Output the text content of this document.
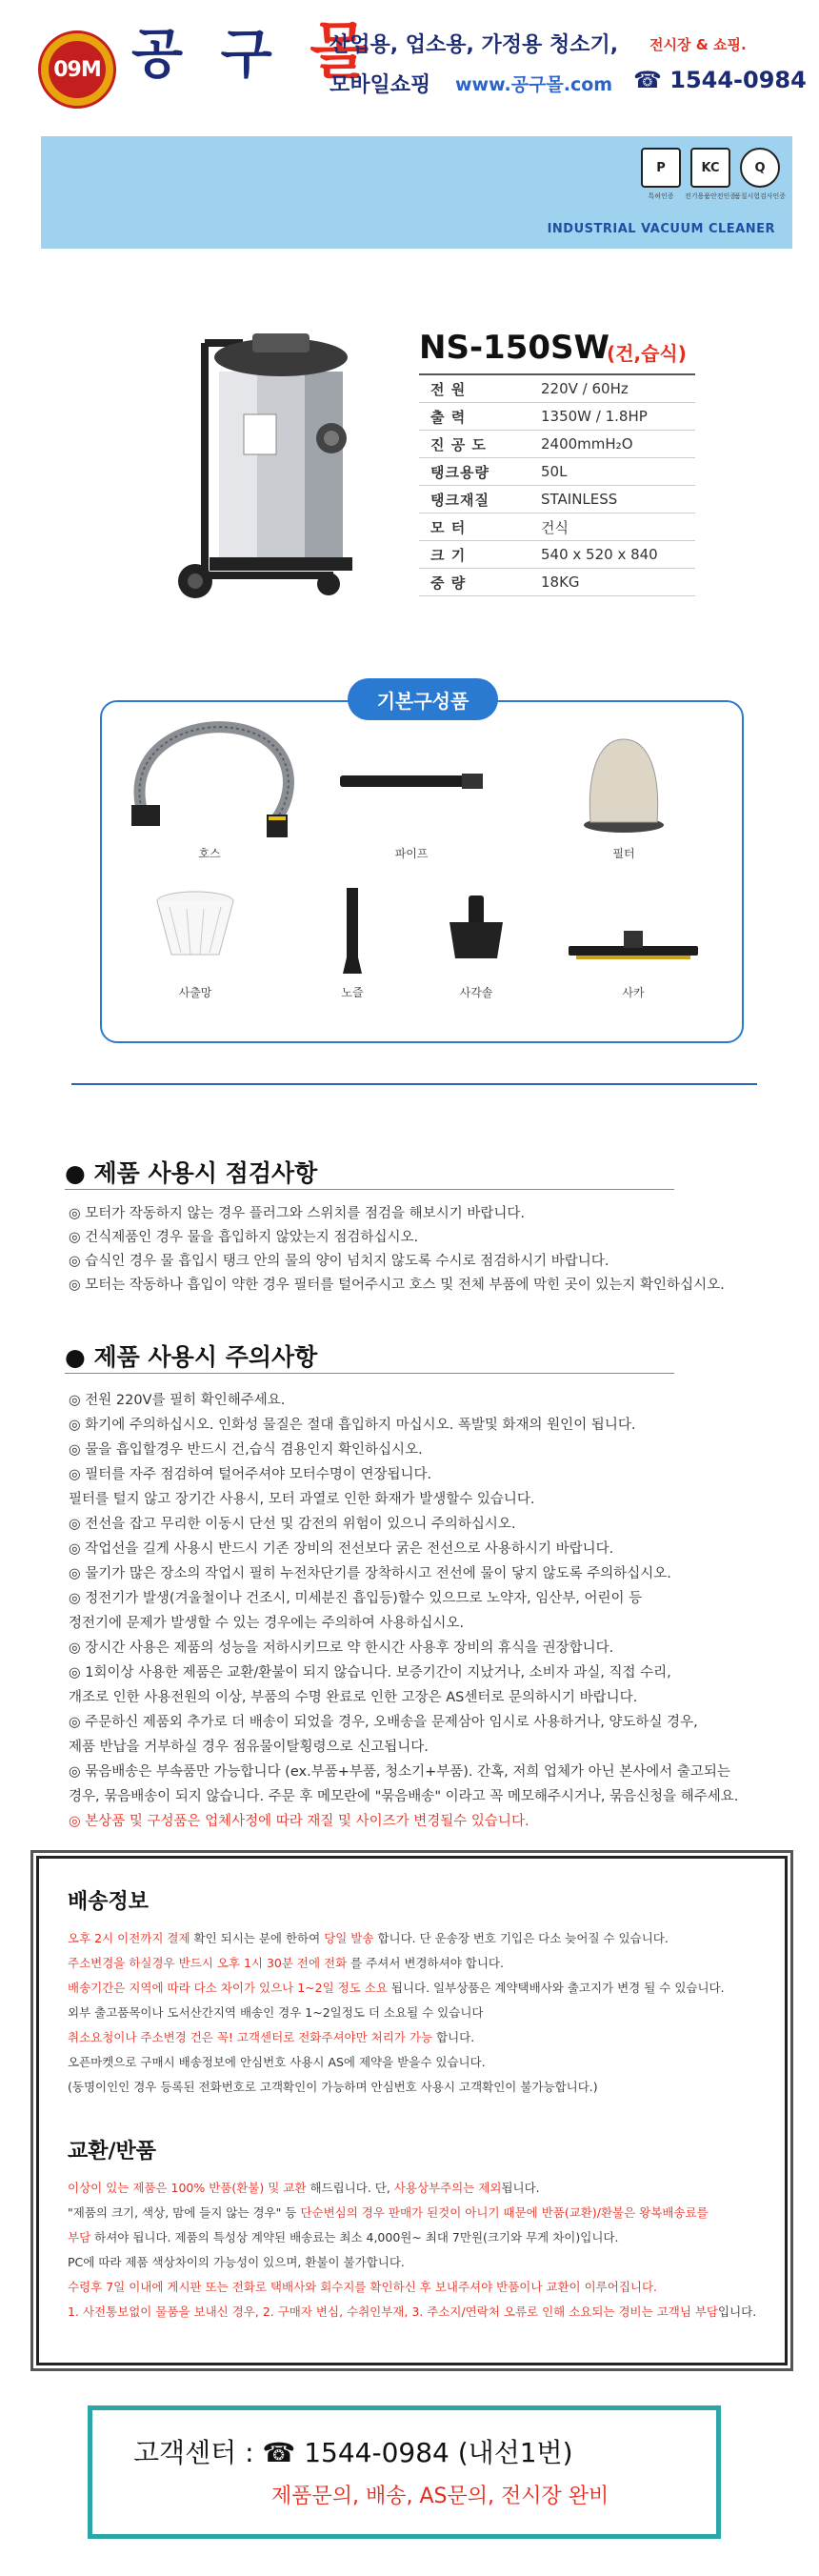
09M 공 구 몰
산업용, 업소용, 가정용 청소기, 전시장 & 쇼핑.
모바일쇼핑 www.공구몰.com ☎ 1544-0984
P
특허인증
KC
전기용품안전인증
Q
품질시험검사인증
INDUSTRIAL VACUUM CLEANER
NS-150SW
(건,습식)
전 원	220V / 60Hz
출 력	1350W / 1.8HP
진 공 도	2400mmH₂O
탱크용량	50L
탱크재질	STAINLESS
모 터	건식
크 기	540 x 520 x 840
중 량	18KG
기본구성품
호스	파이프	필터
사출망	노즐	사각솔	사카
● 제품 사용시 점검사항
◎ 모터가 작동하지 않는 경우 플러그와 스위치를 점검을 해보시기 바랍니다.
◎ 건식제품인 경우 물을 흡입하지 않았는지 점검하십시오.
◎ 습식인 경우 물 흡입시 탱크 안의 물의 양이 넘치지 않도록 수시로 점검하시기 바랍니다.
◎ 모터는 작동하나 흡입이 약한 경우 필터를 털어주시고 호스 및 전체 부품에 막힌 곳이 있는지 확인하십시오.
● 제품 사용시 주의사항
◎ 전원 220V를 필히 확인해주세요.
◎ 화기에 주의하십시오. 인화성 물질은 절대 흡입하지 마십시오. 폭발및 화재의 원인이 됩니다.
◎ 물을 흡입할경우 반드시 건,습식 겸용인지 확인하십시오.
◎ 필터를 자주 점검하여 털어주셔야 모터수명이 연장됩니다.
필터를 털지 않고 장기간 사용시, 모터 과열로 인한 화재가 발생할수 있습니다.
◎ 전선을 잡고 무리한 이동시 단선 및 감전의 위험이 있으니 주의하십시오.
◎ 작업선을 길게 사용시 반드시 기존 장비의 전선보다 굵은 전선으로 사용하시기 바랍니다.
◎ 물기가 많은 장소의 작업시 필히 누전차단기를 장착하시고 전선에 물이 닿지 않도록 주의하십시오.
◎ 정전기가 발생(겨울철이나 건조시, 미세분진 흡입등)할수 있으므로 노약자, 임산부, 어린이 등
정전기에 문제가 발생할 수 있는 경우에는 주의하여 사용하십시오.
◎ 장시간 사용은 제품의 성능을 저하시키므로 약 한시간 사용후 장비의 휴식을 권장합니다.
◎ 1회이상 사용한 제품은 교환/환불이 되지 않습니다. 보증기간이 지났거나, 소비자 과실, 직접 수리,
개조로 인한 사용전원의 이상, 부품의 수명 완료로 인한 고장은 AS센터로 문의하시기 바랍니다.
◎ 주문하신 제품외 추가로 더 배송이 되었을 경우, 오배송을 문제삼아 임시로 사용하거나, 양도하실 경우,
제품 반납을 거부하실 경우 점유물이탈횡령으로 신고됩니다.
◎ 묶음배송은 부속품만 가능합니다 (ex.부품+부품, 청소기+부품). 간혹, 저희 업체가 아닌 본사에서 출고되는
경우, 묶음배송이 되지 않습니다. 주문 후 메모란에 "묶음배송" 이라고 꼭 메모해주시거나, 묶음신청을 해주세요.
◎ 본상품 및 구성품은 업체사정에 따라 재질 및 사이즈가 변경될수 있습니다.
배송정보
오후 2시 이전까지 결제 확인 되시는 분에 한하여 당일 발송 합니다. 단 운송장 번호 기입은 다소 늦어질 수 있습니다.
주소변경을 하실경우 반드시 오후 1시 30분 전에 전화 를 주셔서 변경하셔야 합니다.
배송기간은 지역에 따라 다소 차이가 있으나 1~2일 정도 소요 됩니다. 일부상품은 계약택배사와 출고지가 변경 될 수 있습니다.
외부 출고품목이나 도서산간지역 배송인 경우 1~2일정도 더 소요될 수 있습니다
취소요청이나 주소변경 건은 꼭! 고객센터로 전화주셔야만 처리가 가능 합니다.
오픈마켓으로 구매시 배송정보에 안심번호 사용시 AS에 제약을 받을수 있습니다.
(동명이인인 경우 등록된 전화번호로 고객확인이 가능하며 안심번호 사용시 고객확인이 불가능합니다.)
교환/반품
이상이 있는 제품은 100% 반품(환불) 및 교환 해드립니다. 단, 사용상부주의는 제외됩니다.
"제품의 크기, 색상, 맘에 들지 않는 경우" 등 단순변심의 경우 판매가 된것이 아니기 때문에 반품(교환)/환불은 왕복배송료를
부담 하셔야 됩니다. 제품의 특성상 계약된 배송료는 최소 4,000원~ 최대 7만원(크기와 무게 차이)입니다.
PC에 따라 제품 색상차이의 가능성이 있으며, 환불이 불가합니다.
수령후 7일 이내에 게시판 또는 전화로 택배사와 회수지를 확인하신 후 보내주셔야 반품이나 교환이 이루어집니다.
1. 사전통보없이 물품을 보내신 경우, 2. 구매자 변심, 수취인부재, 3. 주소지/연락처 오류로 인해 소요되는 경비는 고객님 부담입니다.
고객센터 : ☎ 1544-0984 (내선1번)
제품문의, 배송, AS문의, 전시장 완비
